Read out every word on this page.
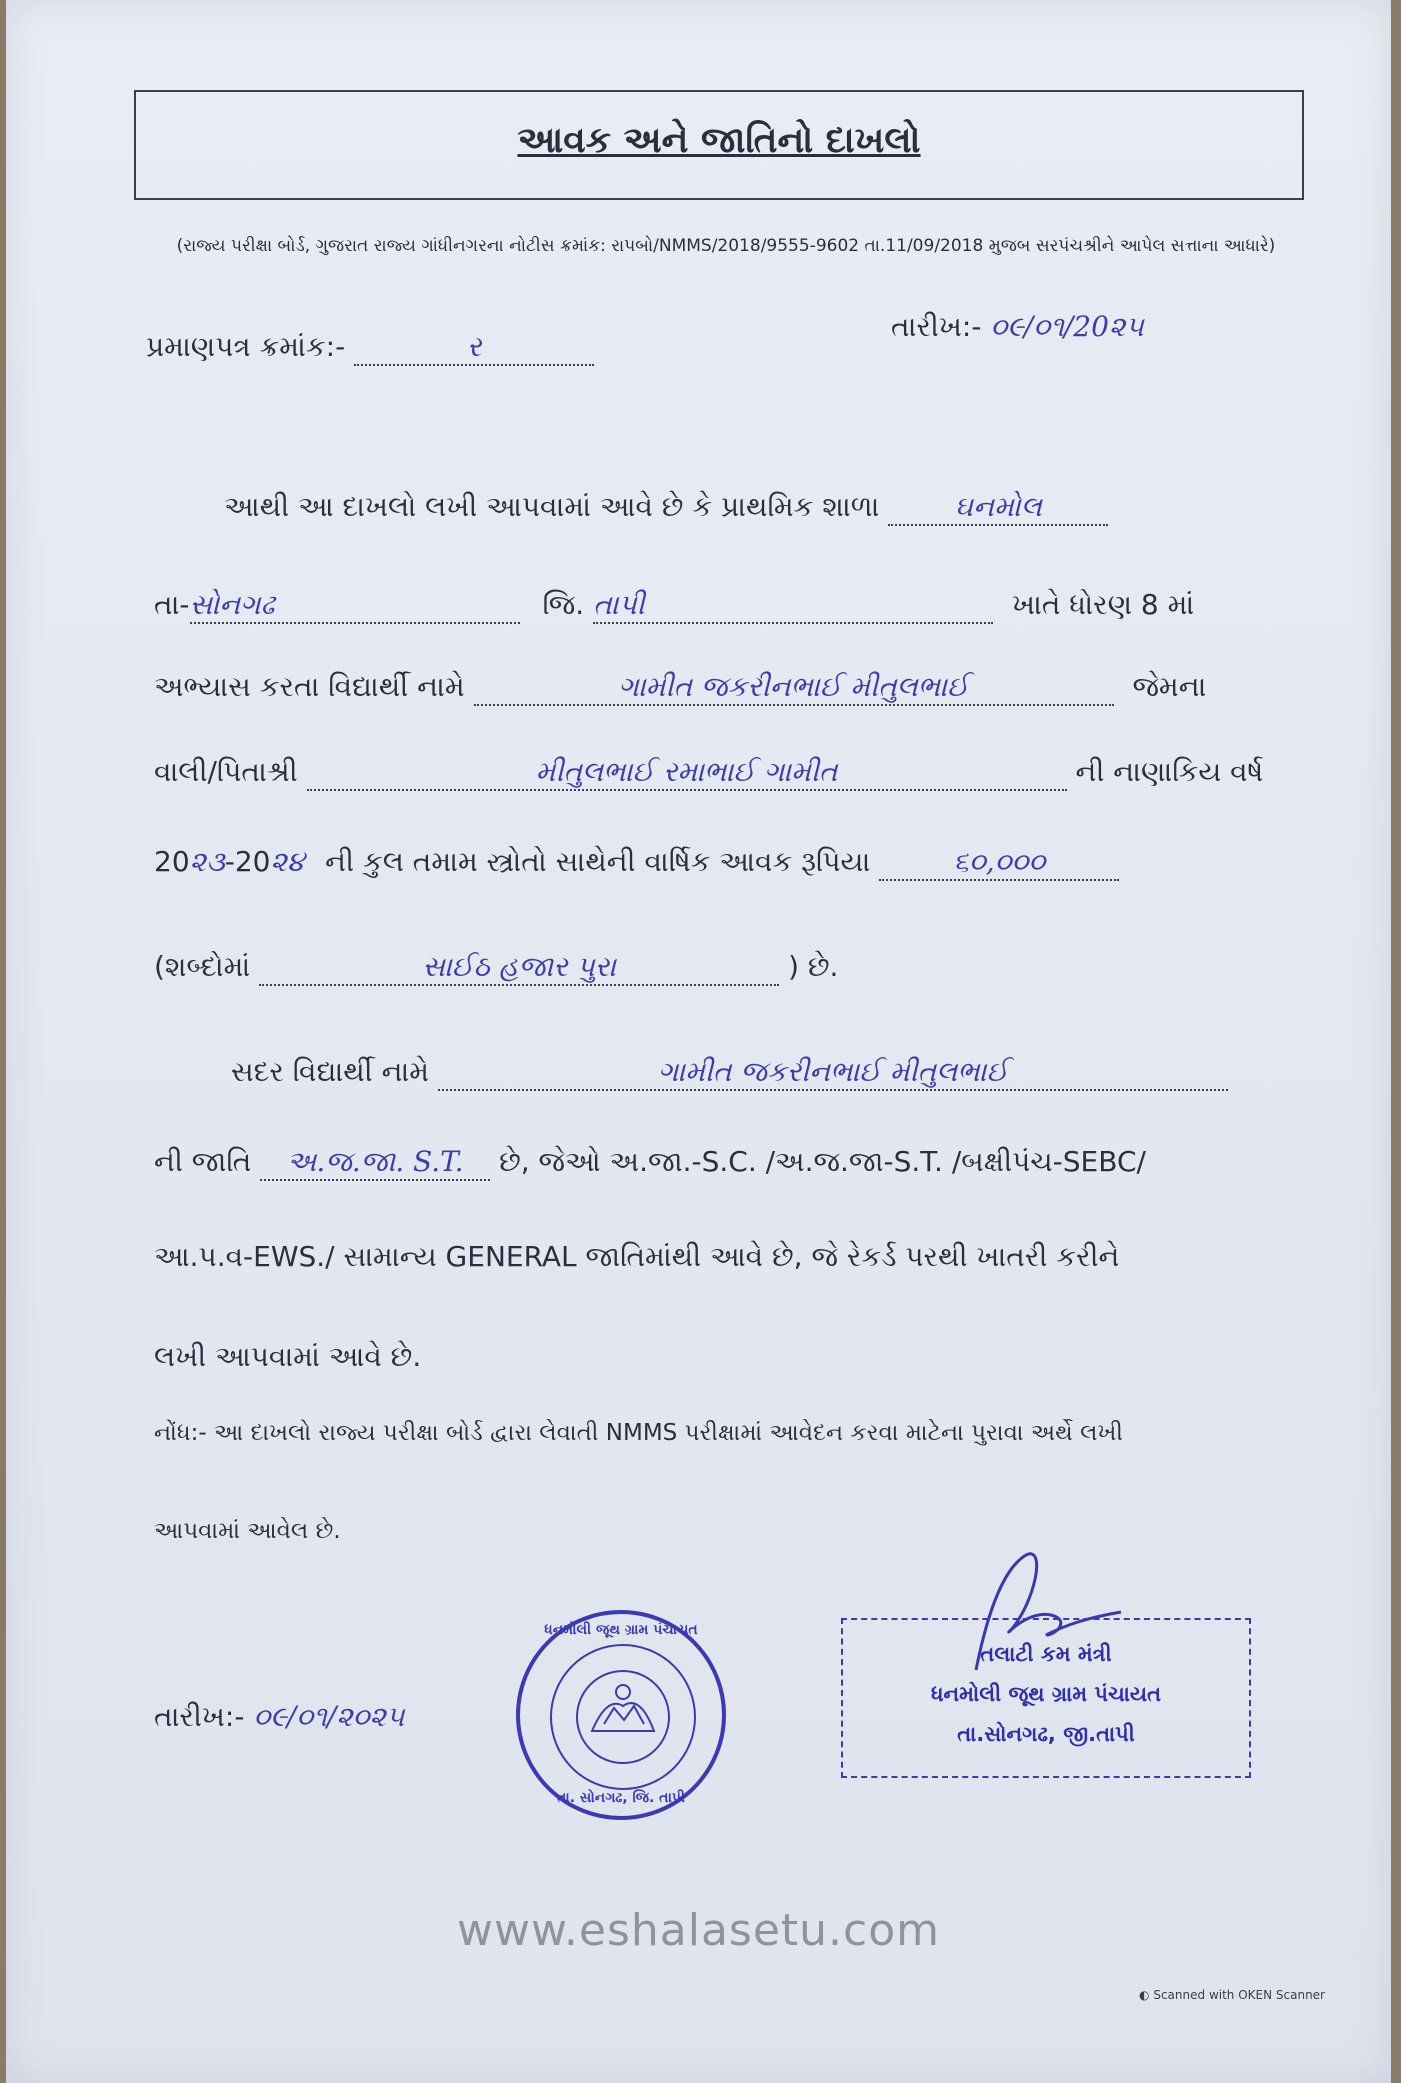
આવક અને જાતિનો દાખલો
(રાજ્ય પરીક્ષા બોર્ડ, ગુજરાત રાજ્ય ગાંધીનગરના નોટીસ ક્રમાંક: રાપબો/NMMS/2018/9555-9602 તા.11/09/2018 મુજબ સરપંચશ્રીને આપેલ સત્તાના આધારે)
પ્રમાણપત્ર ક્રમાંક:-	ર
તારીખ:- ૦૯/૦૧/20૨૫
આથી આ દાખલો લખી આપવામાં આવે છે કે પ્રાથમિક શાળા	ઘનમોલ
તા-સોનગઢ	જિ. તાપી	ખાતે ધોરણ 8 માં
અભ્યાસ કરતા વિદ્યાર્થી નામે	ગામીત જકરીનભાઈ મીતુલભાઈ	જેમના
વાલી/પિતાશ્રી	મીતુલભાઈ રમાભાઈ ગામીત	ની નાણાકિય વર્ષ
20૨૩-20૨૪ ની કુલ તમામ સ્ત્રોતો સાથેની વાર્ષિક આવક રૂપિયા	૬૦,૦૦૦
(શબ્દોમાં	સાઈઠ હજાર પુરા	) છે.
સદર વિદ્યાર્થી નામે	ગામીત જકરીનભાઈ મીતુલભાઈ
ની જાતિ અ.જ.જા. S.T. છે, જેઓ અ.જા.-S.C. /અ.જ.જા-S.T. /બક્ષીપંચ-SEBC/
આ.પ.વ-EWS./ સામાન્ય GENERAL જાતિમાંથી આવે છે, જે રેકર્ડ પરથી ખાતરી કરીને
લખી આપવામાં આવે છે.
નોંધ:- આ દાખલો રાજ્ય પરીક્ષા બોર્ડ દ્વારા લેવાતી NMMS પરીક્ષામાં આવેદન કરવા માટેના પુરાવા અર્થે લખી
આપવામાં આવેલ છે.
તારીખ:- ૦૯/૦૧/૨૦૨૫
ધનમોલી જૂથ ગ્રામ પંચાયત
તા. સોનગઢ, જિ. તાપી
તલાટી કમ મંત્રી
ધનમોલી જૂથ ગ્રામ પંચાયત
તા.સોનગઢ, જી.તાપી
www.eshalasetu.com
◐ Scanned with OKEN Scanner
